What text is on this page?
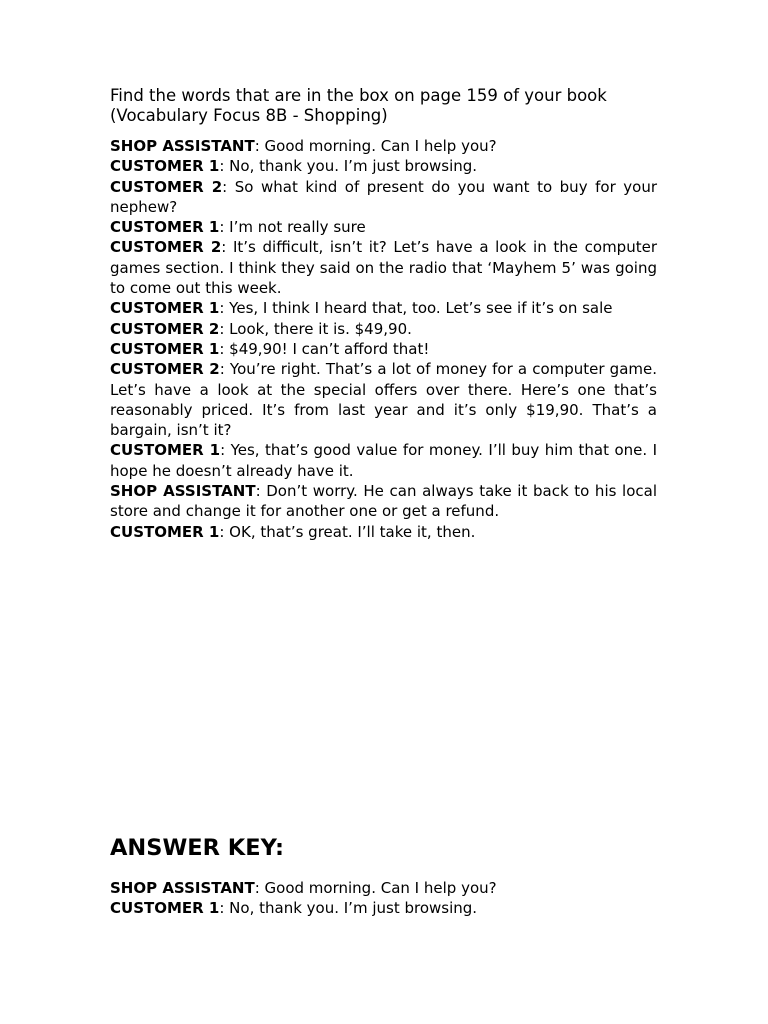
Find the words that are in the box on page 159 of your book
(Vocabulary Focus 8B - Shopping)

SHOP ASSISTANT: Good morning. Can I help you?

CUSTOMER 1: No, thank you. I’m just browsing.

CUSTOMER 2: So what kind of present do you want to buy for your nephew?

CUSTOMER 1: I’m not really sure

CUSTOMER 2: It’s difficult, isn’t it? Let’s have a look in the computer games section. I think they said on the radio that ‘Mayhem 5’ was going to come out this week.

CUSTOMER 1: Yes, I think I heard that, too. Let’s see if it’s on sale

CUSTOMER 2: Look, there it is. $49,90.

CUSTOMER 1: $49,90! I can’t afford that!

CUSTOMER 2: You’re right. That’s a lot of money for a computer game. Let’s have a look at the special offers over there. Here’s one that’s reasonably priced. It’s from last year and it’s only $19,90. That’s a bargain, isn’t it?

CUSTOMER 1: Yes, that’s good value for money. I’ll buy him that one. I hope he doesn’t already have it.

SHOP ASSISTANT: Don’t worry. He can always take it back to his local store and change it for another one or get a refund.

CUSTOMER 1: OK, that’s great. I’ll take it, then.

ANSWER KEY:

SHOP ASSISTANT: Good morning. Can I help you?

CUSTOMER 1: No, thank you. I’m just browsing.
